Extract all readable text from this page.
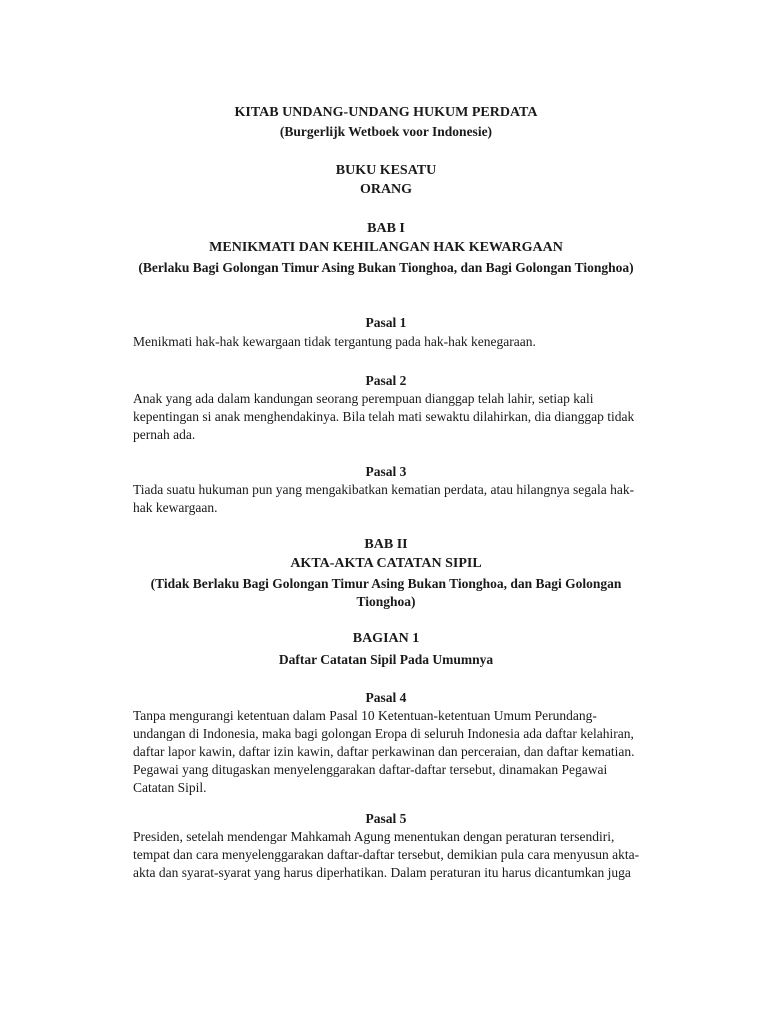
KITAB UNDANG-UNDANG HUKUM PERDATA

(Burgerlijk Wetboek voor Indonesie)

BUKU KESATU

ORANG

BAB I

MENIKMATI DAN KEHILANGAN HAK KEWARGAAN

(Berlaku Bagi Golongan Timur Asing Bukan Tionghoa, dan Bagi Golongan Tionghoa)

Pasal 1

Menikmati hak-hak kewargaan tidak tergantung pada hak-hak kenegaraan.

Pasal 2

Anak yang ada dalam kandungan seorang perempuan dianggap telah lahir, setiap kali kepentingan si anak menghendakinya. Bila telah mati sewaktu dilahirkan, dia dianggap tidak pernah ada.

Pasal 3

Tiada suatu hukuman pun yang mengakibatkan kematian perdata, atau hilangnya segala hak-hak kewargaan.

BAB II

AKTA-AKTA CATATAN SIPIL

(Tidak Berlaku Bagi Golongan Timur Asing Bukan Tionghoa, dan Bagi Golongan Tionghoa)

BAGIAN 1

Daftar Catatan Sipil Pada Umumnya

Pasal 4

Tanpa mengurangi ketentuan dalam Pasal 10 Ketentuan-ketentuan Umum Perundang-undangan di Indonesia, maka bagi golongan Eropa di seluruh Indonesia ada daftar kelahiran, daftar lapor kawin, daftar izin kawin, daftar perkawinan dan perceraian, dan daftar kematian. Pegawai yang ditugaskan menyelenggarakan daftar-daftar tersebut, dinamakan Pegawai Catatan Sipil.

Pasal 5

Presiden, setelah mendengar Mahkamah Agung menentukan dengan peraturan tersendiri, tempat dan cara menyelenggarakan daftar-daftar tersebut, demikian pula cara menyusun akta-akta dan syarat-syarat yang harus diperhatikan. Dalam peraturan itu harus dicantumkan juga
